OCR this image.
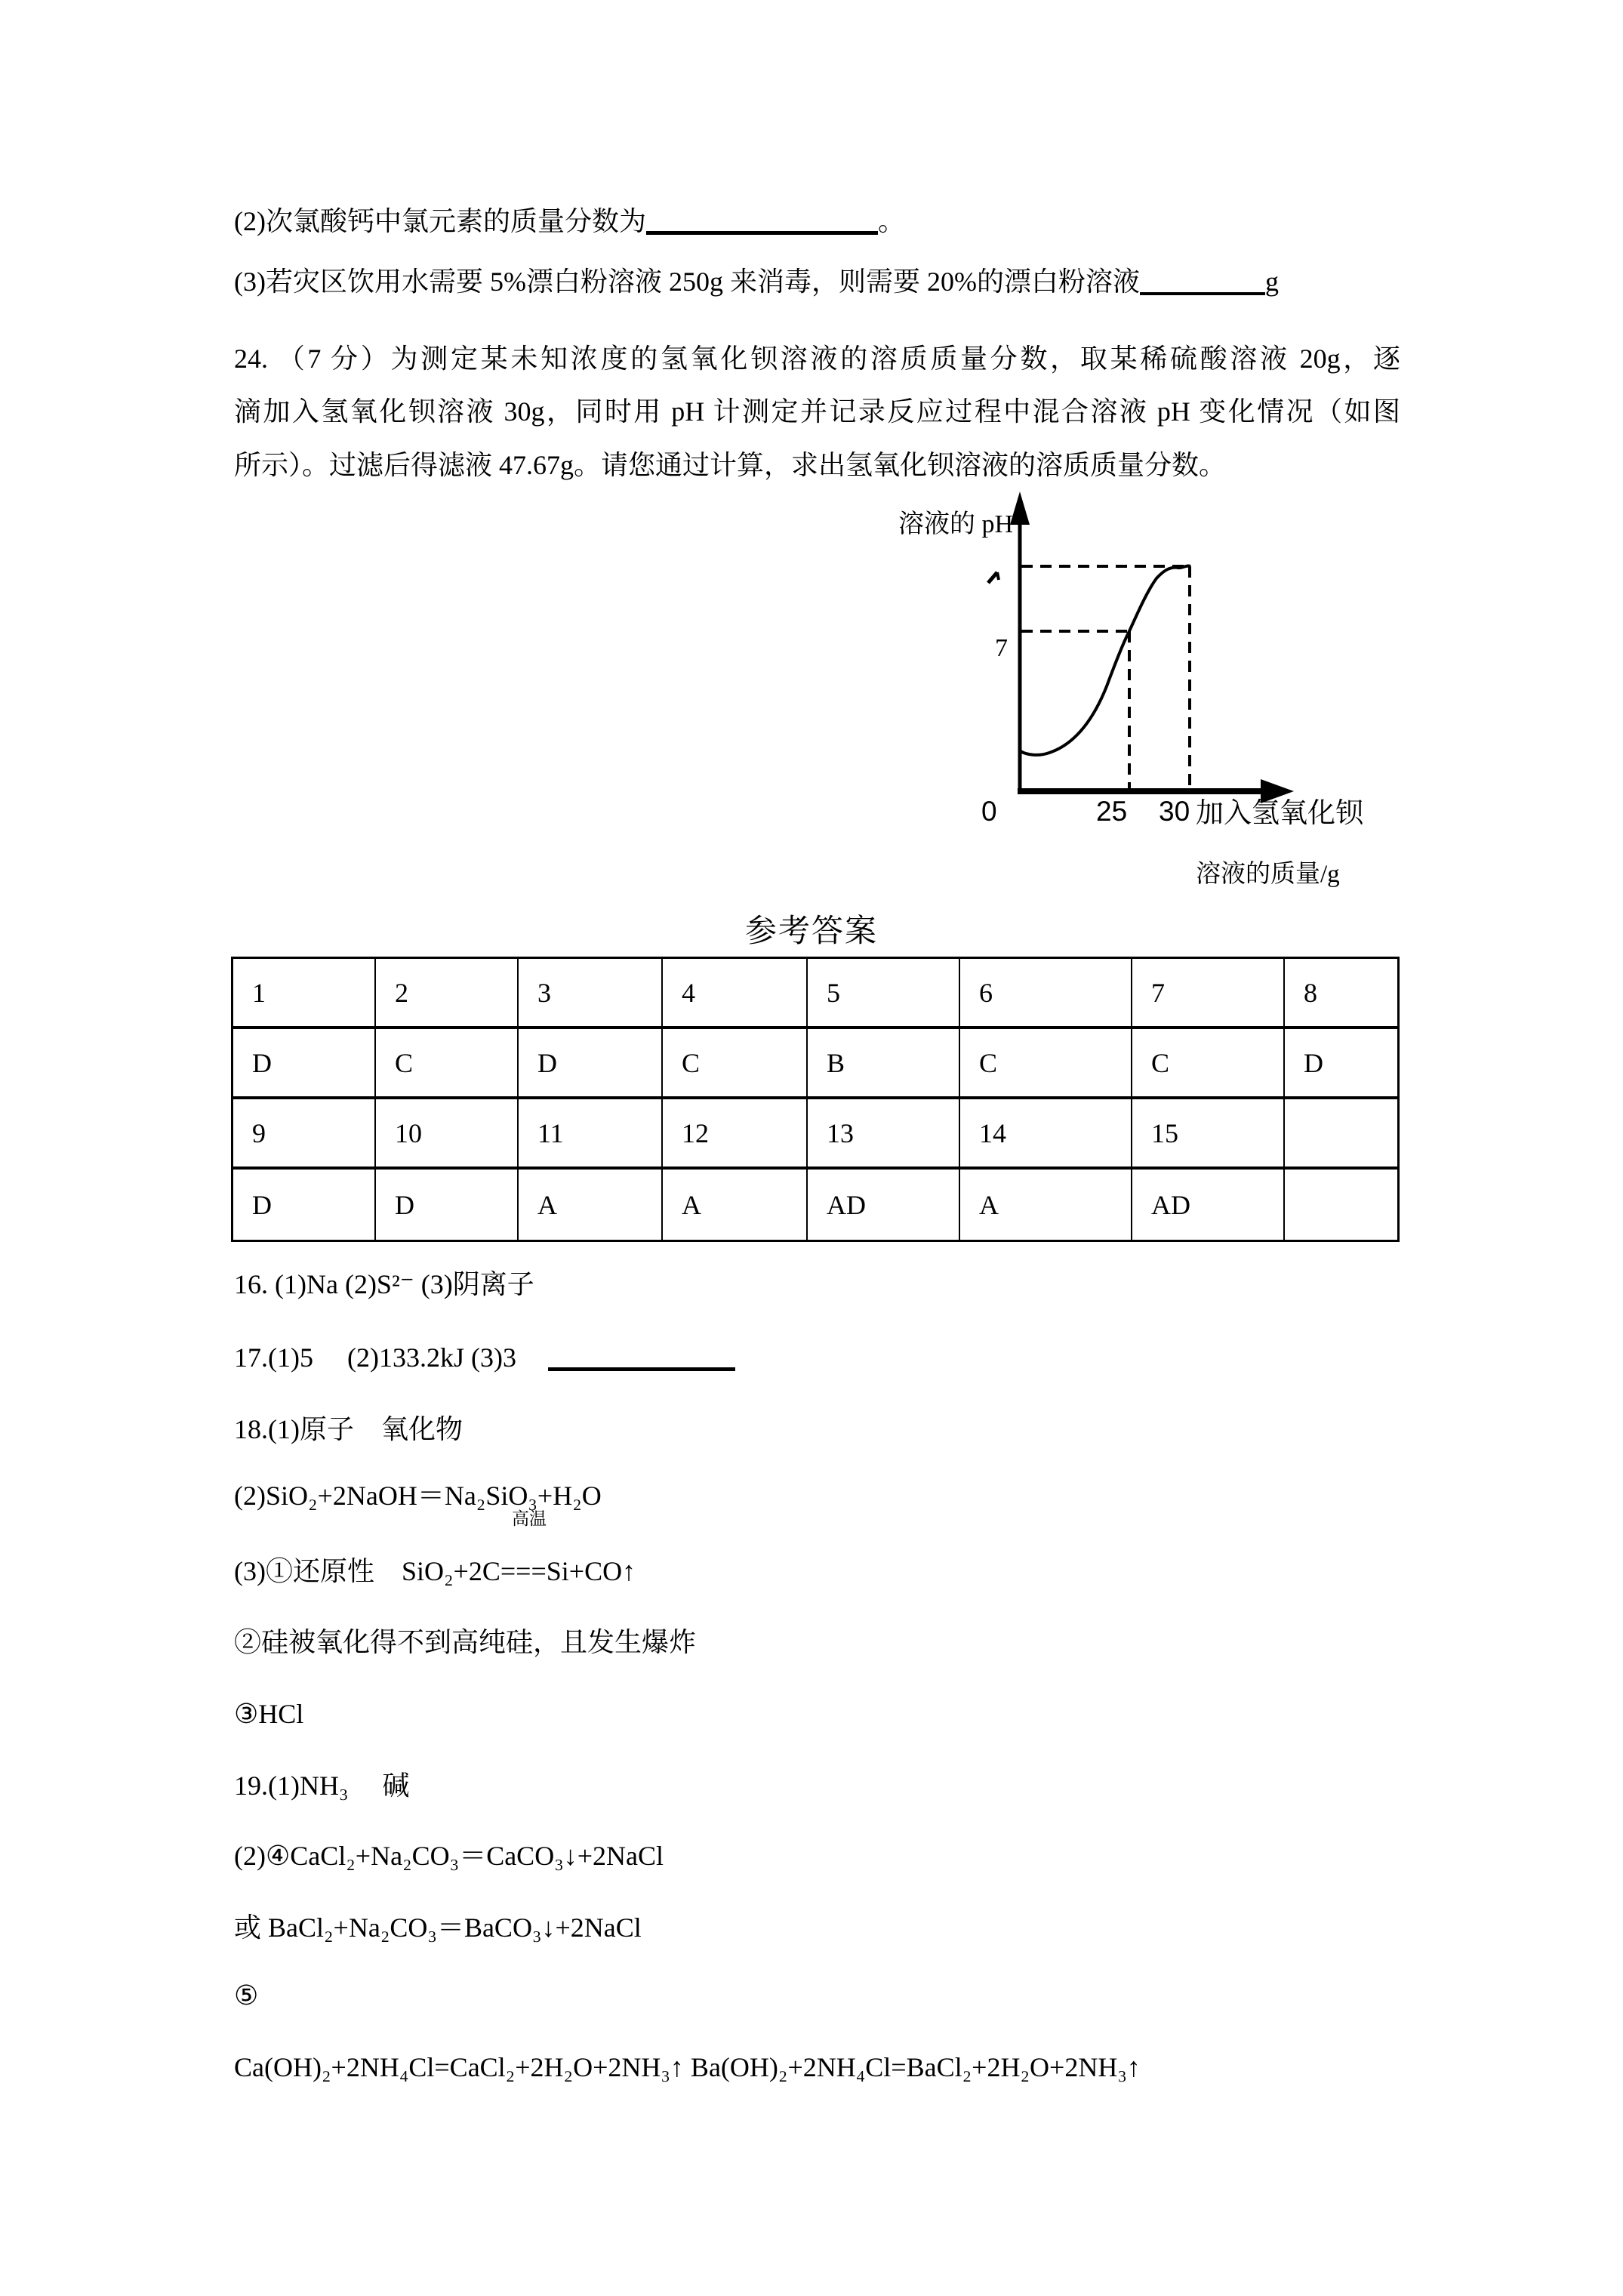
(2)次氯酸钙中氯元素的质量分数为	。
(3)若灾区饮用水需要 5%漂白粉溶液 250g 来消毒，则需要 20%的漂白粉溶液	g
24. （7 分）为测定某未知浓度的氢氧化钡溶液的溶质质量分数，取某稀硫酸溶液 20g，逐
滴加入氢氧化钡溶液 30g，同时用 pH 计测定并记录反应过程中混合溶液 pH 变化情况（如图
所示）。过滤后得滤液 47.67g。请您通过计算，求出氢氧化钡溶液的溶质质量分数。
溶液的 pH
7
0	25 30 加入氢氧化钡
溶液的质量/g
参考答案
1	2	3	4	5	6	7	8
D	C	D	C	B	C	C	D
9	10	11	12	13	14	15
D	D	A	A	AD	A	AD
16. (1)Na (2)S²⁻ (3)阴离子
17.(1)5　 (2)133.2kJ (3)3
18.(1)原子　氧化物
(2)SiO₂+2NaOH＝Na₂SiO₃+H₂O
高温
(3)①还原性　SiO₂+2C===Si+CO↑
②硅被氧化得不到高纯硅，且发生爆炸
③HCl
19.(1)NH₃　 碱
(2)④CaCl₂+Na₂CO₃＝CaCO₃↓+2NaCl
或 BaCl₂+Na₂CO₃＝BaCO₃↓+2NaCl
⑤
Ca(OH)₂+2NH₄Cl=CaCl₂+2H₂O+2NH₃↑ Ba(OH)₂+2NH₄Cl=BaCl₂+2H₂O+2NH₃↑
